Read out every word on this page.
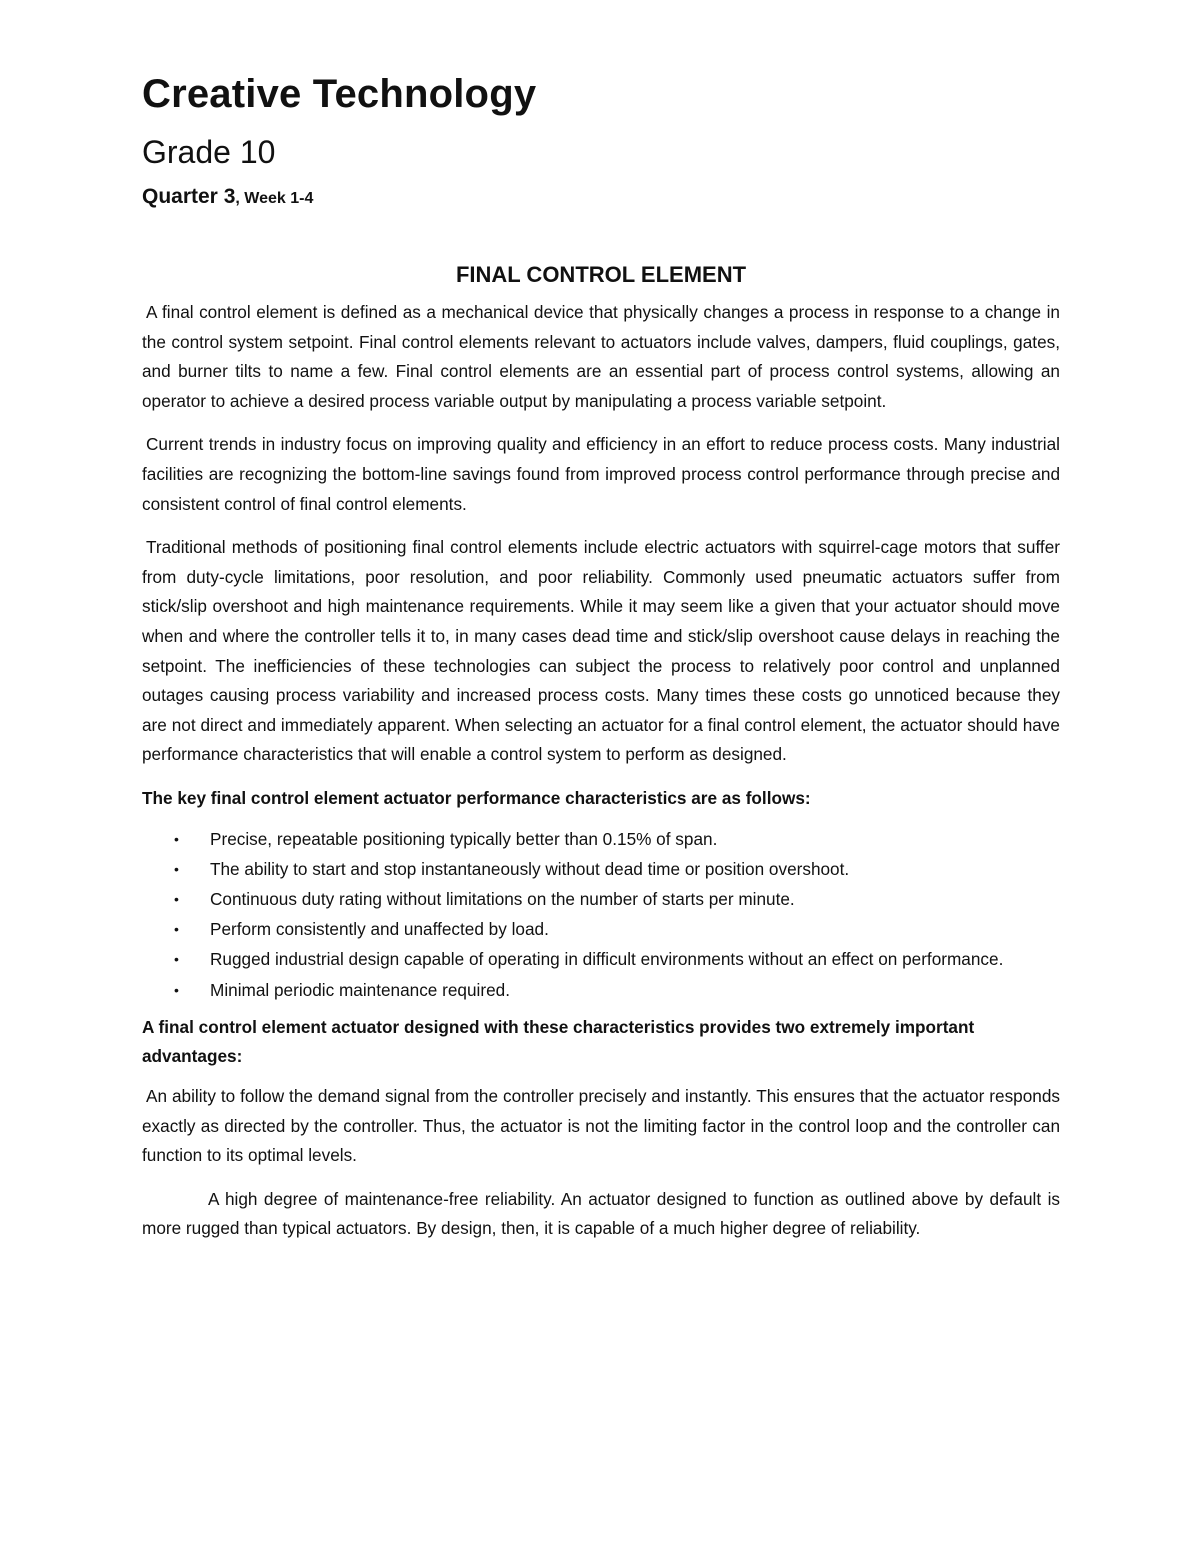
Creative Technology
Grade 10
Quarter 3, Week 1-4
FINAL CONTROL ELEMENT

A final control element is defined as a mechanical device that physically changes a process in response to a change in the control system setpoint. Final control elements relevant to actuators include valves, dampers, fluid couplings, gates, and burner tilts to name a few. Final control elements are an essential part of process control systems, allowing an operator to achieve a desired process variable output by manipulating a process variable setpoint.

Current trends in industry focus on improving quality and efficiency in an effort to reduce process costs. Many industrial facilities are recognizing the bottom-line savings found from improved process control performance through precise and consistent control of final control elements.

Traditional methods of positioning final control elements include electric actuators with squirrel-cage motors that suffer from duty-cycle limitations, poor resolution, and poor reliability. Commonly used pneumatic actuators suffer from stick/slip overshoot and high maintenance requirements. While it may seem like a given that your actuator should move when and where the controller tells it to, in many cases dead time and stick/slip overshoot cause delays in reaching the setpoint. The inefficiencies of these technologies can subject the process to relatively poor control and unplanned outages causing process variability and increased process costs. Many times these costs go unnoticed because they are not direct and immediately apparent. When selecting an actuator for a final control element, the actuator should have performance characteristics that will enable a control system to perform as designed.

The key final control element actuator performance characteristics are as follows:

• Precise, repeatable positioning typically better than 0.15% of span.
• The ability to start and stop instantaneously without dead time or position overshoot.
• Continuous duty rating without limitations on the number of starts per minute.
• Perform consistently and unaffected by load.
• Rugged industrial design capable of operating in difficult environments without an effect on performance.
• Minimal periodic maintenance required.

A final control element actuator designed with these characteristics provides two extremely important advantages:

An ability to follow the demand signal from the controller precisely and instantly. This ensures that the actuator responds exactly as directed by the controller. Thus, the actuator is not the limiting factor in the control loop and the controller can function to its optimal levels.

A high degree of maintenance-free reliability. An actuator designed to function as outlined above by default is more rugged than typical actuators. By design, then, it is capable of a much higher degree of reliability.
